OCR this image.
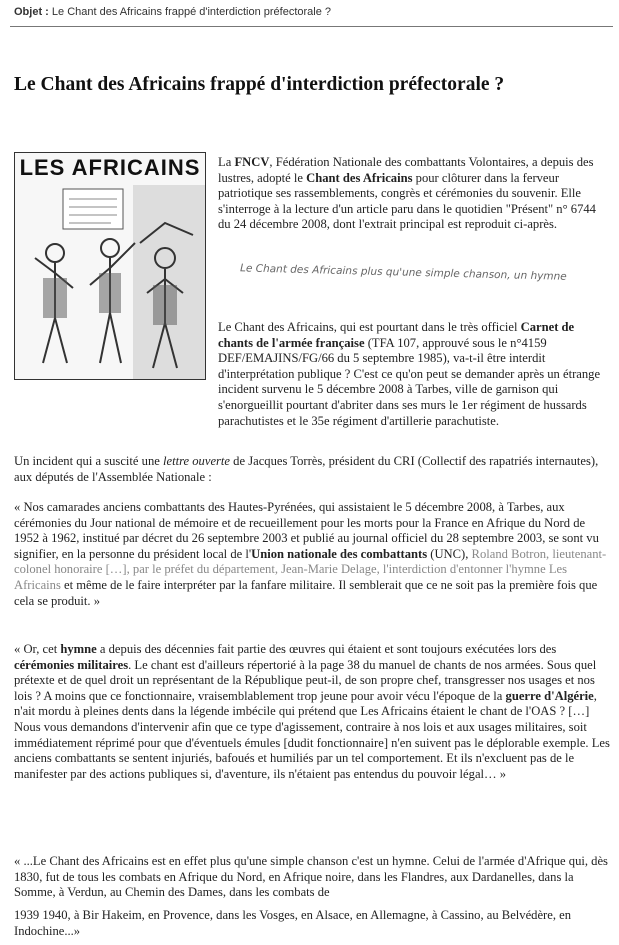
Objet : Le Chant des Africains frappé d'interdiction préfectorale ?
Le Chant des Africains frappé d'interdiction préfectorale ?
LES AFRICAINS	La FNCV, Fédération Nationale des combattants Volontaires, a depuis des lustres, adopté le Chant des Africains pour clôturer dans la ferveur patriotique ses rassemblements, congrès et cérémonies du souvenir. Elle s'interroge à la lecture d'un article paru dans le quotidien "Présent" n° 6744 du 24 décembre 2008, dont l'extrait principal est reproduit ci-après.

Le Chant des Africains plus qu'une simple chanson, un hymne

Le Chant des Africains, qui est pourtant dans le très officiel Carnet de chants de l'armée française (TFA 107, approuvé sous le n°4159 DEF/EMAJINS/FG/66 du 5 septembre 1985), va-t-il être interdit d'interprétation publique ? C'est ce qu'on peut se demander après un étrange incident survenu le 5 décembre 2008 à Tarbes, ville de garnison qui s'enorgueillit pourtant d'abriter dans ses murs le 1er régiment de hussards parachutistes et le 35e régiment d'artillerie parachutiste.

Un incident qui a suscité une lettre ouverte de Jacques Torrès, président du CRI (Collectif des rapatriés internautes), aux députés de l'Assemblée Nationale :

« Nos camarades anciens combattants des Hautes-Pyrénées, qui assistaient le 5 décembre 2008, à Tarbes, aux cérémonies du Jour national de mémoire et de recueillement pour les morts pour la France en Afrique du Nord de 1952 à 1962, institué par décret du 26 septembre 2003 et publié au journal officiel du 28 septembre 2003, se sont vu signifier, en la personne du président local de l'Union nationale des combattants (UNC), Roland Botron, lieutenant-colonel honoraire […], par le préfet du département, Jean-Marie Delage, l'interdiction d'entonner l'hymne Les Africains et même de le faire interpréter par la fanfare militaire. Il semblerait que ce ne soit pas la première fois que cela se produit. »

« Or, cet hymne a depuis des décennies fait partie des œuvres qui étaient et sont toujours exécutées lors des cérémonies militaires. Le chant est d'ailleurs répertorié à la page 38 du manuel de chants de nos armées. Sous quel prétexte et de quel droit un représentant de la République peut-il, de son propre chef, transgresser nos usages et nos lois ? A moins que ce fonctionnaire, vraisemblablement trop jeune pour avoir vécu l'époque de la guerre d'Algérie, n'ait mordu à pleines dents dans la légende imbécile qui prétend que Les Africains étaient le chant de l'OAS ? […] Nous vous demandons d'intervenir afin que ce type d'agissement, contraire à nos lois et aux usages militaires, soit immédiatement réprimé pour que d'éventuels émules [dudit fonctionnaire] n'en suivent pas le déplorable exemple. Les anciens combattants se sentent injuriés, bafoués et humiliés par un tel comportement. Et ils n'excluent pas de le manifester par des actions publiques si, d'aventure, ils n'étaient pas entendus du pouvoir légal… »

« ...Le Chant des Africains est en effet plus qu'une simple chanson c'est un hymne. Celui de l'armée d'Afrique qui, dès 1830, fut de tous les combats en Afrique du Nord, en Afrique noire, dans les Flandres, aux Dardanelles, dans la Somme, à Verdun, au Chemin des Dames, dans les combats de

1939 1940, à Bir Hakeim, en Provence, dans les Vosges, en Alsace, en Allemagne, à Cassino, au Belvédère, en Indochine...»
